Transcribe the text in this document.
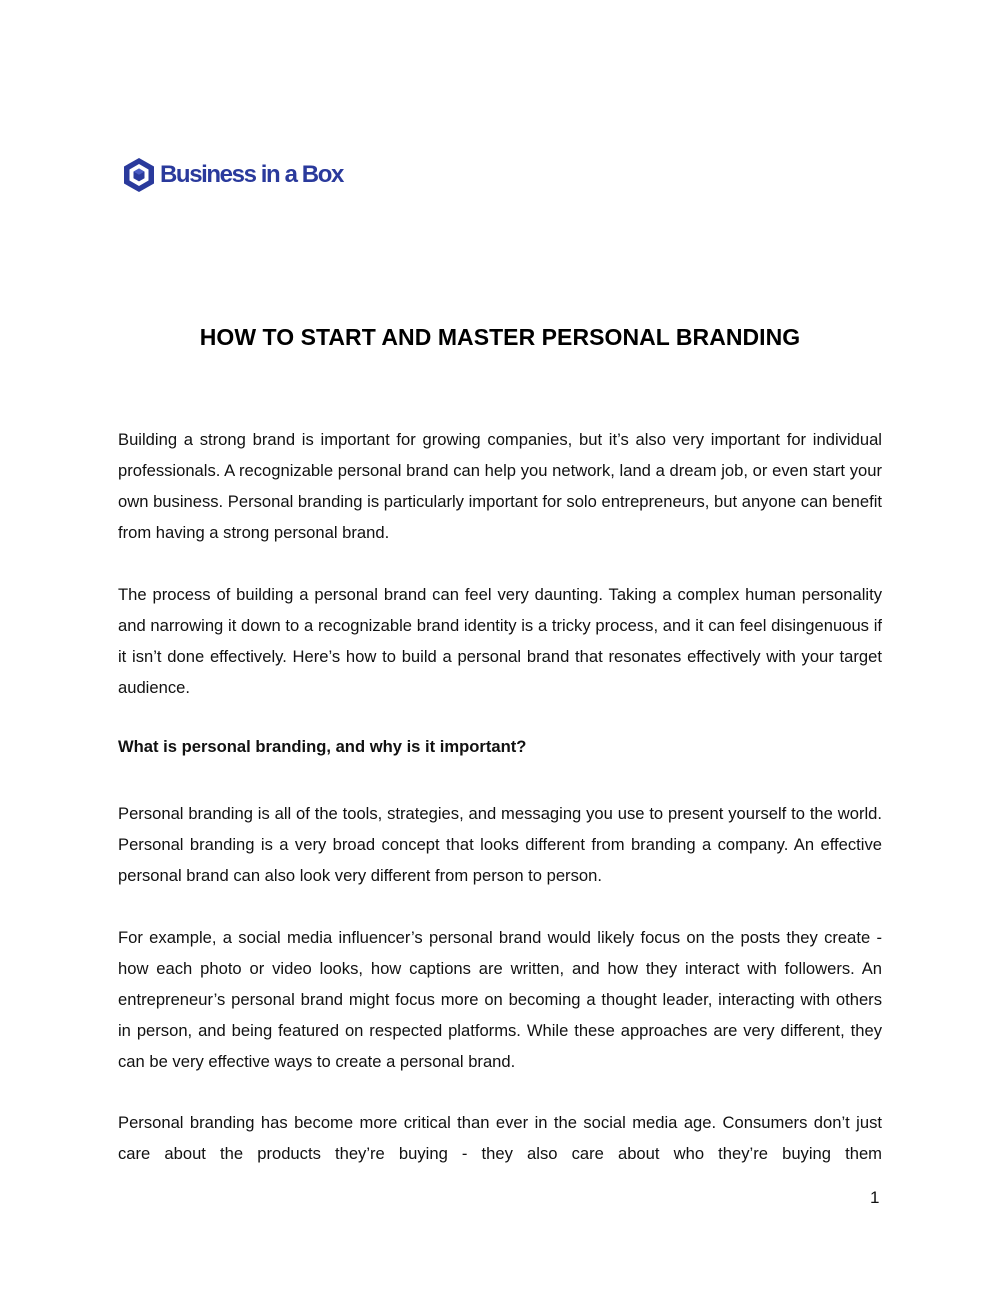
Business in a Box
HOW TO START AND MASTER PERSONAL BRANDING

Building a strong brand is important for growing companies, but it’s also very important for individual professionals. A recognizable personal brand can help you network, land a dream job, or even start your own business. Personal branding is particularly important for solo entrepreneurs, but anyone can benefit from having a strong personal brand.

The process of building a personal brand can feel very daunting. Taking a complex human personality and narrowing it down to a recognizable brand identity is a tricky process, and it can feel disingenuous if it isn’t done effectively. Here’s how to build a personal brand that resonates effectively with your target audience.

What is personal branding, and why is it important?

Personal branding is all of the tools, strategies, and messaging you use to present yourself to the world. Personal branding is a very broad concept that looks different from branding a company. An effective personal brand can also look very different from person to person.

For example, a social media influencer’s personal brand would likely focus on the posts they create - how each photo or video looks, how captions are written, and how they interact with followers. An entrepreneur’s personal brand might focus more on becoming a thought leader, interacting with others in person, and being featured on respected platforms. While these approaches are very different, they can be very effective ways to create a personal brand.

Personal branding has become more critical than ever in the social media age. Consumers don’t just care about the products they’re buying - they also care about who they’re buying them

1
